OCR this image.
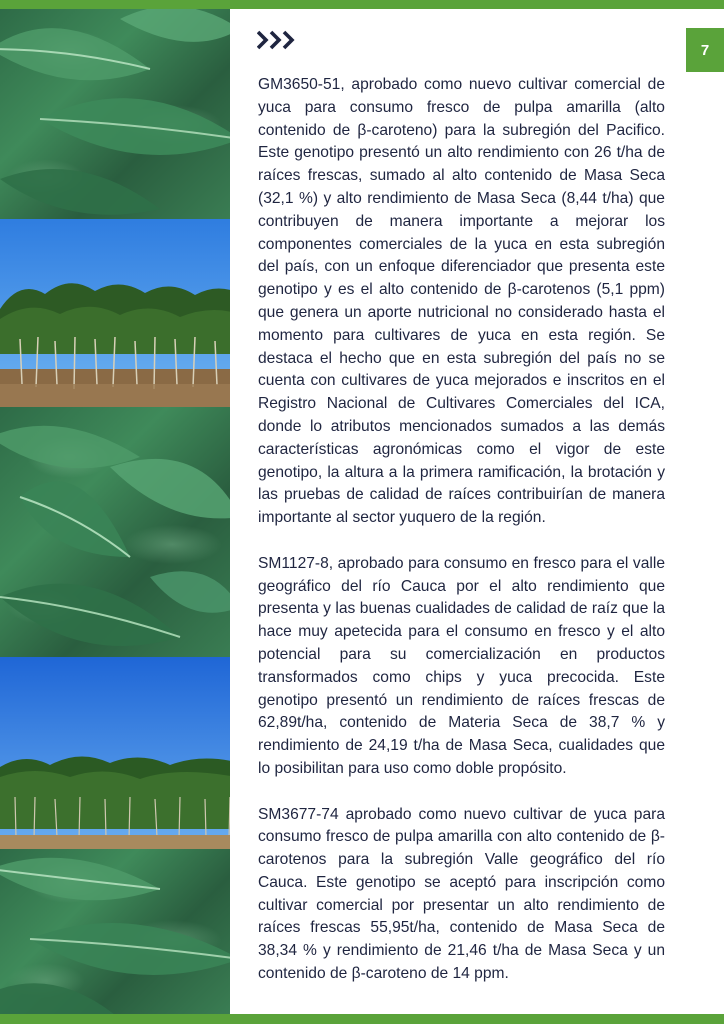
7

GM3650-51, aprobado como nuevo cultivar comercial de yuca para consumo fresco de pulpa amarilla (alto contenido de β-caroteno) para la subregión del Pacifico. Este genotipo presentó un alto rendimiento con 26 t/ha de raíces frescas, sumado al alto contenido de Masa Seca (32,1 %) y alto rendimiento de Masa Seca (8,44 t/ha) que contribuyen de manera importante a mejorar los componentes comerciales de la yuca en esta subregión del país, con un enfoque diferenciador que presenta este genotipo y es el alto contenido de β-carotenos (5,1 ppm) que genera un aporte nutricional no considerado hasta el momento para cultivares de yuca en esta región. Se destaca el hecho que en esta subregión del país no se cuenta con cultivares de yuca mejorados e inscritos en el Registro Nacional de Cultivares Comerciales del ICA, donde lo atributos mencionados sumados a las demás características agronómicas como el vigor de este genotipo, la altura a la primera ramificación, la brotación y las pruebas de calidad de raíces contribuirían de manera importante al sector yuquero de la región.

SM1127-8, aprobado para consumo en fresco para el valle geográfico del río Cauca por el alto rendimiento que presenta y las buenas cualidades de calidad de raíz que la hace muy apetecida para el consumo en fresco y el alto potencial para su comercialización en productos transformados como chips y yuca precocida. Este genotipo presentó un rendimiento de raíces frescas de 62,89t/ha, contenido de Materia Seca de 38,7 % y rendimiento de 24,19 t/ha de Masa Seca, cualidades que lo posibilitan para uso como doble propósito.

SM3677-74 aprobado como nuevo cultivar de yuca para consumo fresco de pulpa amarilla con alto contenido de β-carotenos para la subregión Valle geográfico del río Cauca. Este genotipo se aceptó para inscripción como cultivar comercial por presentar un alto rendimiento de raíces frescas 55,95t/ha, contenido de Masa Seca de 38,34 % y rendimiento de 21,46 t/ha de Masa Seca y un contenido de β-caroteno de 14 ppm.
